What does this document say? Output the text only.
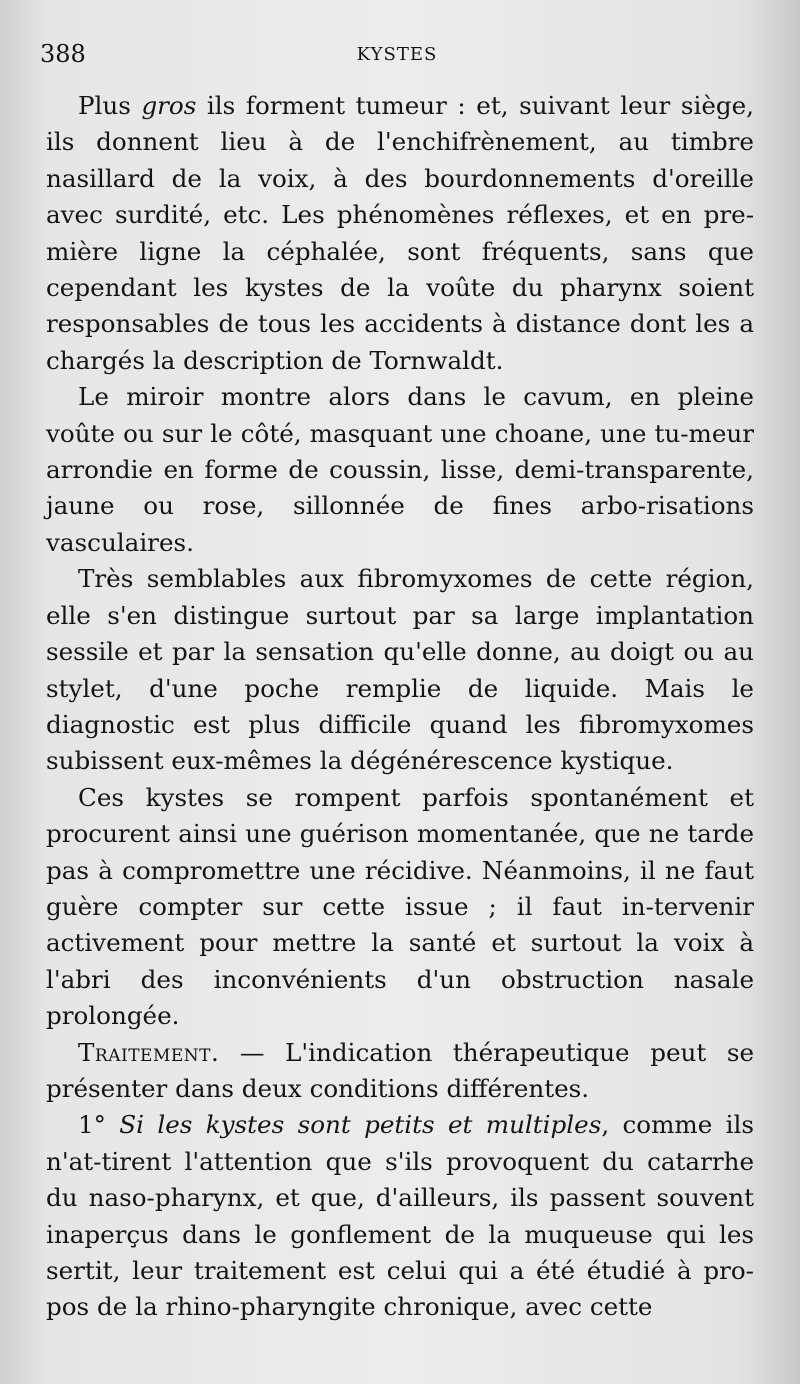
388	KYSTES

Plus gros ils forment tumeur : et, suivant leur siège, ils donnent lieu à de l'enchifrènement, au timbre nasillard de la voix, à des bourdonnements d'oreille avec surdité, etc. Les phénomènes réflexes, et en pre-mière ligne la céphalée, sont fréquents, sans que cependant les kystes de la voûte du pharynx soient responsables de tous les accidents à distance dont les a chargés la description de Tornwaldt.

Le miroir montre alors dans le cavum, en pleine voûte ou sur le côté, masquant une choane, une tu-meur arrondie en forme de coussin, lisse, demi-transparente, jaune ou rose, sillonnée de fines arbo-risations vasculaires.

Très semblables aux fibromyxomes de cette région, elle s'en distingue surtout par sa large implantation sessile et par la sensation qu'elle donne, au doigt ou au stylet, d'une poche remplie de liquide. Mais le diagnostic est plus difficile quand les fibromyxomes subissent eux-mêmes la dégénérescence kystique.

Ces kystes se rompent parfois spontanément et procurent ainsi une guérison momentanée, que ne tarde pas à compromettre une récidive. Néanmoins, il ne faut guère compter sur cette issue ; il faut in-tervenir activement pour mettre la santé et surtout la voix à l'abri des inconvénients d'un obstruction nasale prolongée.

Traitement. — L'indication thérapeutique peut se présenter dans deux conditions différentes.

1° Si les kystes sont petits et multiples, comme ils n'at-tirent l'attention que s'ils provoquent du catarrhe du naso-pharynx, et que, d'ailleurs, ils passent souvent inaperçus dans le gonflement de la muqueuse qui les sertit, leur traitement est celui qui a été étudié à pro-pos de la rhino-pharyngite chronique, avec cette
